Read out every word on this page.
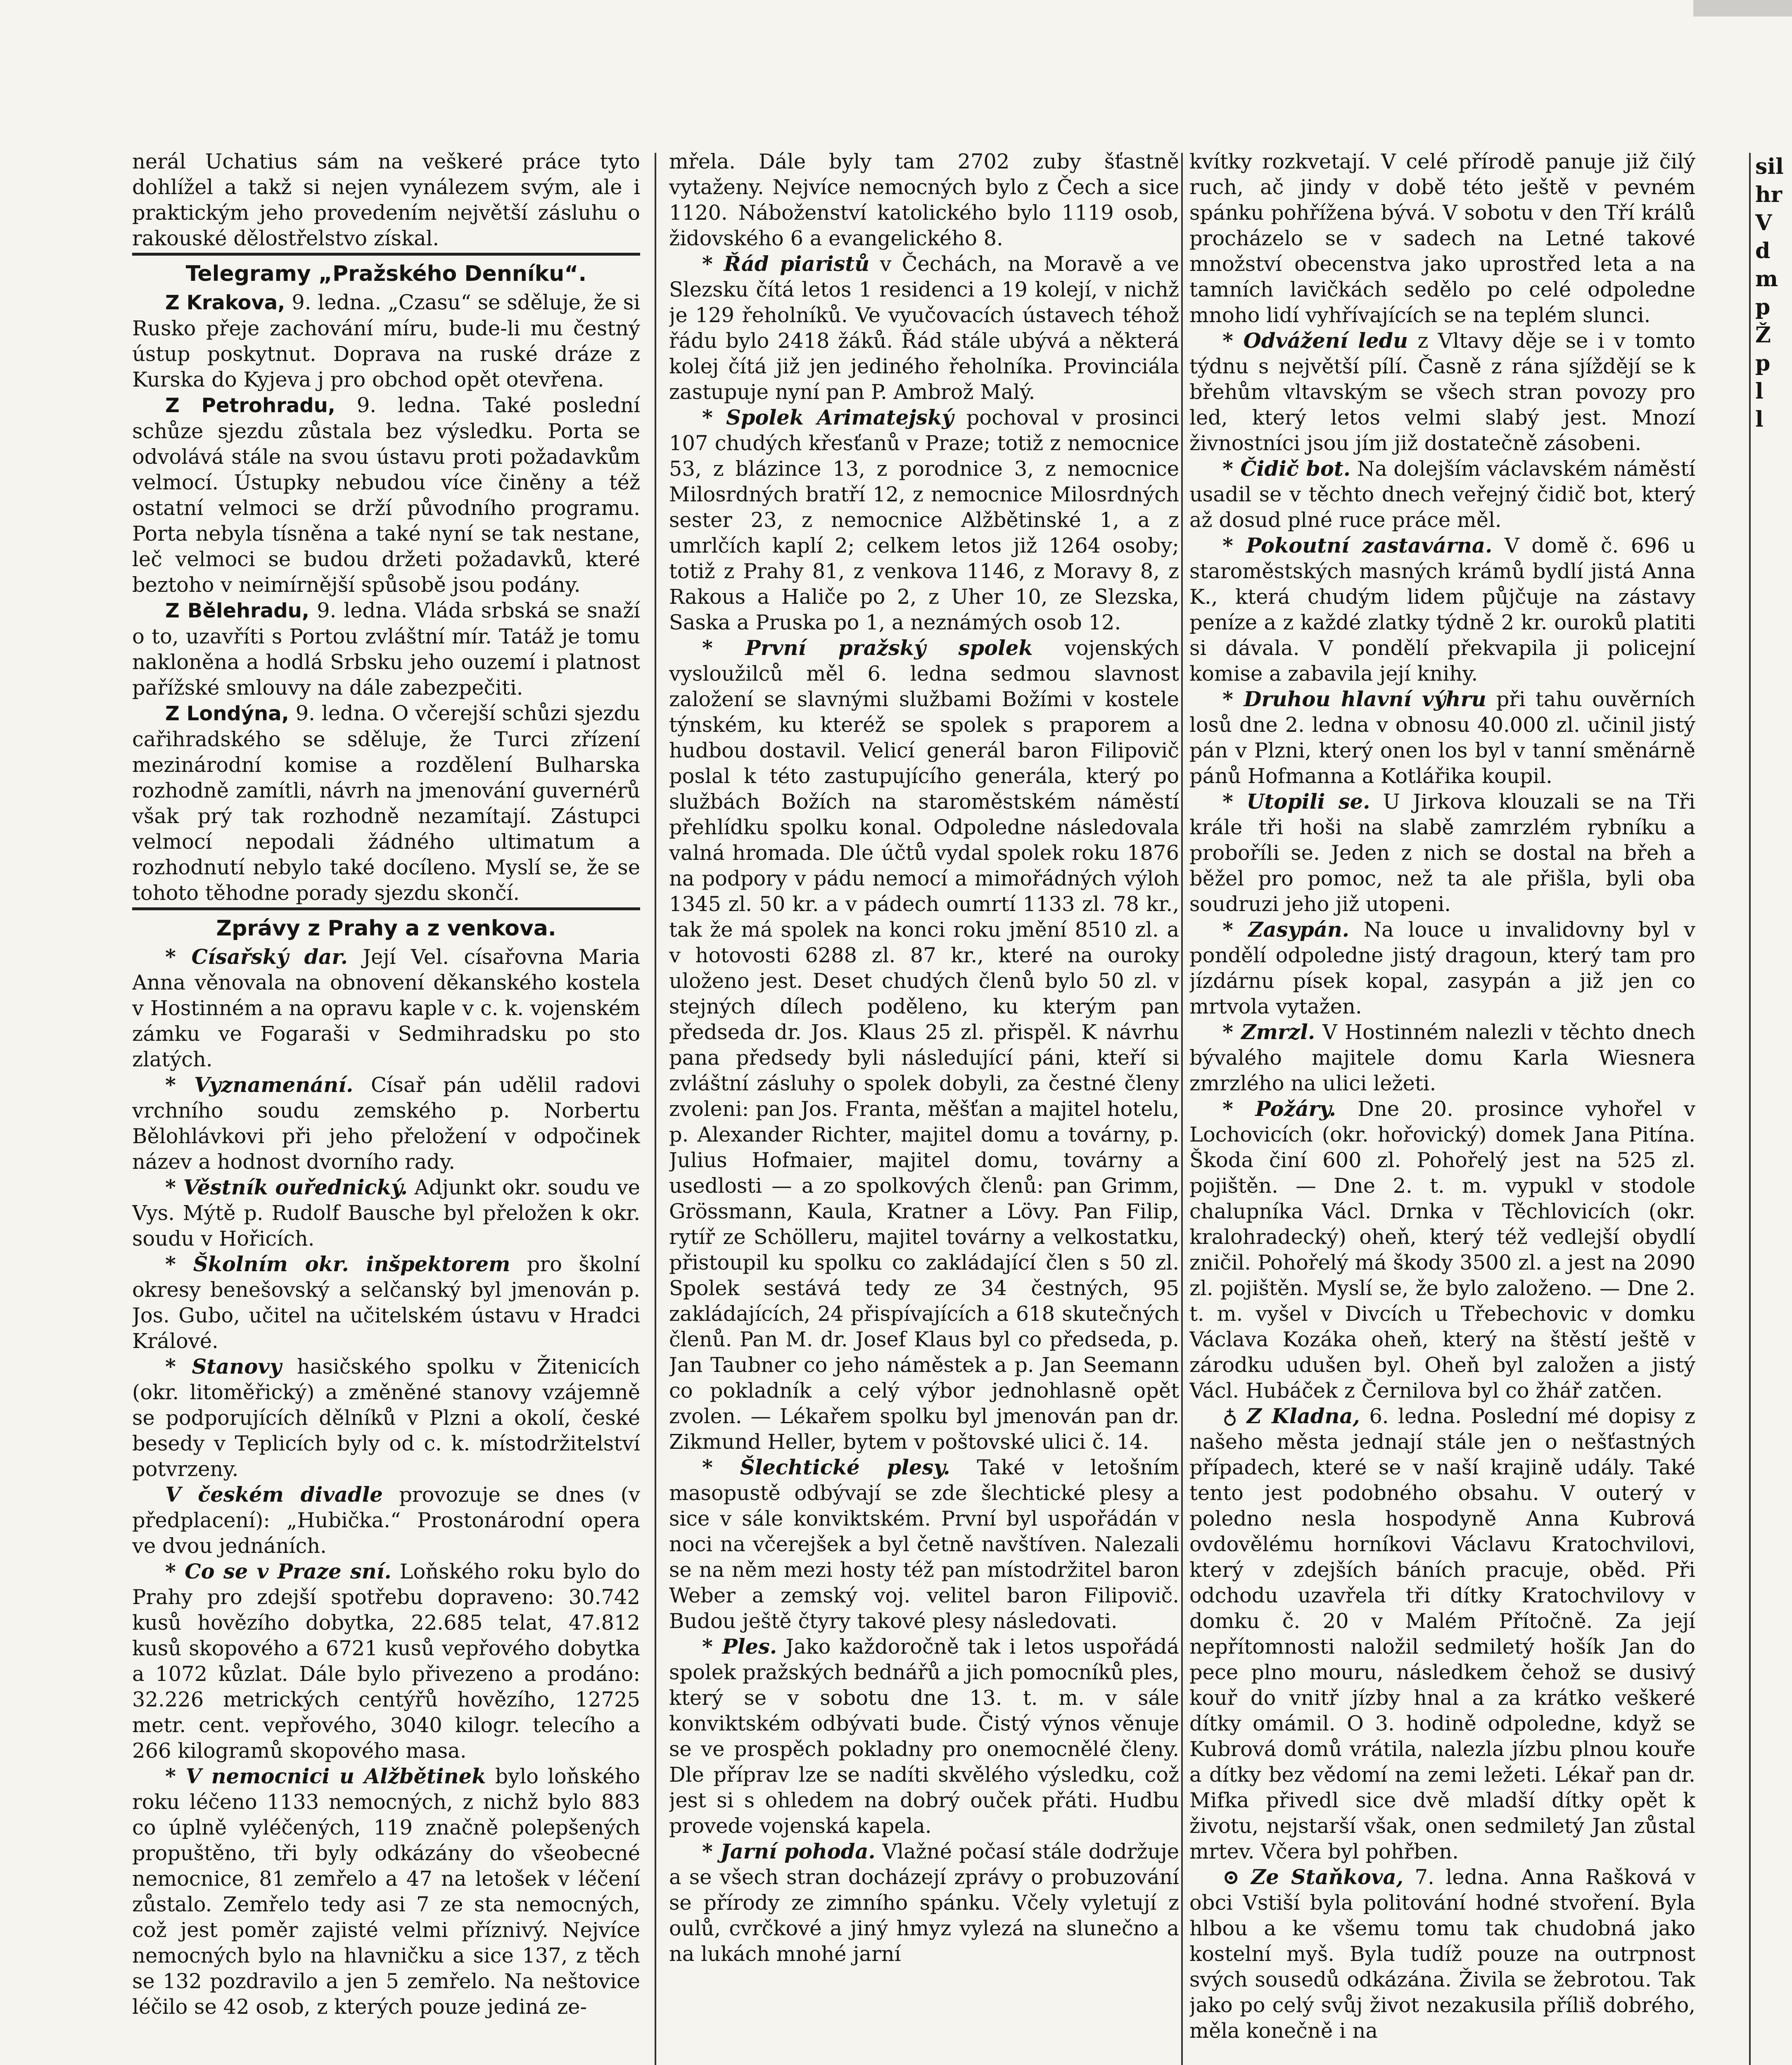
nerál Uchatius sám na veškeré práce tyto dohlížel a takž si nejen vynálezem svým, ale i praktickým jeho provedením největší zásluhu o rakouské dělostřelstvo získal.

Telegramy „Pražského Denníku“.

Z Krakova, 9. ledna. „Czasu“ se sděluje, že si Rusko přeje zachování míru, bude-li mu čestný ústup poskytnut. Doprava na ruské dráze z Kurska do Kyjeva j pro obchod opět otevřena.

Z Petrohradu, 9. ledna. Také poslední schůze sjezdu zůstala bez výsledku. Porta se odvolává stále na svou ústavu proti požadavkům velmocí. Ústupky nebudou více činěny a též ostatní velmoci se drží původního programu. Porta nebyla tísněna a také nyní se tak nestane, leč velmoci se budou držeti požadavků, které beztoho v neimírnější spůsobě jsou podány.

Z Bělehradu, 9. ledna. Vláda srbská se snaží o to, uzavříti s Portou zvláštní mír. Tatáž je tomu nakloněna a hodlá Srbsku jeho ouzemí i platnost pařížské smlouvy na dále zabezpečiti.

Z Londýna, 9. ledna. O včerejší schůzi sjezdu cařihradského se sděluje, že Turci zřízení mezinárodní komise a rozdělení Bulharska rozhodně zamítli, návrh na jmenování guvernérů však prý tak rozhodně nezamítají. Zástupci velmocí nepodali žádného ultimatum a rozhodnutí nebylo také docíleno. Myslí se, že se tohoto těhodne porady sjezdu skončí.

Zprávy z Prahy a z venkova.

* Císařský dar. Její Vel. císařovna Maria Anna věnovala na obnovení děkanského kostela v Hostinném a na opravu kaple v c. k. vojenském zámku ve Fogaraši v Sedmihradsku po sto zlatých.

* Vyznamenání. Císař pán udělil radovi vrchního soudu zemského p. Norbertu Bělohlávkovi při jeho přeložení v odpočinek název a hodnost dvorního rady.

* Věstník ouřednický. Adjunkt okr. soudu ve Vys. Mýtě p. Rudolf Bausche byl přeložen k okr. soudu v Hořicích.

* Školním okr. inšpektorem pro školní okresy benešovský a selčanský byl jmenován p. Jos. Gubo, učitel na učitelském ústavu v Hradci Králové.

* Stanovy hasičského spolku v Žitenicích (okr. litoměřický) a změněné stanovy vzájemně se podporujících dělníků v Plzni a okolí, české besedy v Teplicích byly od c. k. místodržitelství potvrzeny.

V českém divadle provozuje se dnes (v předplacení): „Hubička.“ Prostonárodní opera ve dvou jednáních.

* Co se v Praze sní. Loňského roku bylo do Prahy pro zdejší spotřebu dopraveno: 30.742 kusů hovězího dobytka, 22.685 telat, 47.812 kusů skopového a 6721 kusů vepřového dobytka a 1072 kůzlat. Dále bylo přivezeno a prodáno: 32.226 metrických centýřů hovězího, 12725 metr. cent. vepřového, 3040 kilogr. telecího a 266 kilogramů skopového masa.

* V nemocnici u Alžbětinek bylo loňského roku léčeno 1133 nemocných, z nichž bylo 883 co úplně vyléčených, 119 značně polepšených propuštěno, tři byly odkázány do všeobecné nemocnice, 81 zemřelo a 47 na letošek v léčení zůstalo. Zemřelo tedy asi 7 ze sta nemocných, což jest poměr zajisté velmi příznivý. Nejvíce nemocných bylo na hlavničku a sice 137, z těch se 132 pozdravilo a jen 5 zemřelo. Na neštovice léčilo se 42 osob, z kterých pouze jediná ze-

mřela. Dále byly tam 2702 zuby šťastně vytaženy. Nejvíce nemocných bylo z Čech a sice 1120. Náboženství katolického bylo 1119 osob, židovského 6 a evangelického 8.

* Řád piaristů v Čechách, na Moravě a ve Slezsku čítá letos 1 residenci a 19 kolejí, v nichž je 129 řeholníků. Ve vyučovacích ústavech téhož řádu bylo 2418 žáků. Řád stále ubývá a některá kolej čítá již jen jediného řeholníka. Provinciála zastupuje nyní pan P. Ambrož Malý.

* Spolek Arimatejský pochoval v prosinci 107 chudých křesťanů v Praze; totiž z nemocnice 53, z blázince 13, z porodnice 3, z nemocnice Milosrdných bratří 12, z nemocnice Milosrdných sester 23, z nemocnice Alžbětinské 1, a z umrlčích kaplí 2; celkem letos již 1264 osoby; totiž z Prahy 81, z venkova 1146, z Moravy 8, z Rakous a Haliče po 2, z Uher 10, ze Slezska, Saska a Pruska po 1, a neznámých osob 12.

* První pražský spolek vojenských vysloužilců měl 6. ledna sedmou slavnost založení se slavnými službami Božími v kostele týnském, ku kteréž se spolek s praporem a hudbou dostavil. Velicí generál baron Filipovič poslal k této zastupujícího generála, který po službách Božích na staroměstském náměstí přehlídku spolku konal. Odpoledne následovala valná hromada. Dle účtů vydal spolek roku 1876 na podpory v pádu nemocí a mimořádných výloh 1345 zl. 50 kr. a v pádech oumrtí 1133 zl. 78 kr., tak že má spolek na konci roku jmění 8510 zl. a v hotovosti 6288 zl. 87 kr., které na ouroky uloženo jest. Deset chudých členů bylo 50 zl. v stejných dílech poděleno, ku kterým pan předseda dr. Jos. Klaus 25 zl. přispěl. K návrhu pana předsedy byli následující páni, kteří si zvláštní zásluhy o spolek dobyli, za čestné členy zvoleni: pan Jos. Franta, měšťan a majitel hotelu, p. Alexander Richter, majitel domu a továrny, p. Julius Hofmaier, majitel domu, továrny a usedlosti — a zo spolkových členů: pan Grimm, Grössmann, Kaula, Kratner a Lövy. Pan Filip, rytíř ze Schölleru, majitel továrny a velkostatku, přistoupil ku spolku co zakládající člen s 50 zl. Spolek sestává tedy ze 34 čestných, 95 zakládajících, 24 přispívajících a 618 skutečných členů. Pan M. dr. Josef Klaus byl co předseda, p. Jan Taubner co jeho náměstek a p. Jan Seemann co pokladník a celý výbor jednohlasně opět zvolen. — Lékařem spolku byl jmenován pan dr. Zikmund Heller, bytem v poštovské ulici č. 14.

* Šlechtické plesy. Také v letošním masopustě odbývají se zde šlechtické plesy a sice v sále konviktském. První byl uspořádán v noci na včerejšek a byl četně navštíven. Nalezali se na něm mezi hosty též pan místodržitel baron Weber a zemský voj. velitel baron Filipovič. Budou ještě čtyry takové plesy následovati.

* Ples. Jako každoročně tak i letos uspořádá spolek pražských bednářů a jich pomocníků ples, který se v sobotu dne 13. t. m. v sále konviktském odbývati bude. Čistý výnos věnuje se ve prospěch pokladny pro onemocnělé členy. Dle příprav lze se nadíti skvělého výsledku, což jest si s ohledem na dobrý ouček přáti. Hudbu provede vojenská kapela.

* Jarní pohoda. Vlažné počasí stále dodržuje a se všech stran docházejí zprávy o probuzování se přírody ze zimního spánku. Včely vyletují z oulů, cvrčkové a jiný hmyz vylezá na slunečno a na lukách mnohé jarní

kvítky rozkvetají. V celé přírodě panuje již čilý ruch, ač jindy v době této ještě v pevném spánku pohřížena bývá. V sobotu v den Tří králů procházelo se v sadech na Letné takové množství obecenstva jako uprostřed leta a na tamních lavičkách sedělo po celé odpoledne mnoho lidí vyhřívajících se na teplém slunci.

* Odvážení ledu z Vltavy děje se i v tomto týdnu s největší pílí. Časně z rána sjíždějí se k břehům vltavským se všech stran povozy pro led, který letos velmi slabý jest. Mnozí živnostníci jsou jím již dostatečně zásobeni.

* Čidič bot. Na dolejším václavském náměstí usadil se v těchto dnech veřejný čidič bot, který až dosud plné ruce práce měl.

* Pokoutní zastavárna. V domě č. 696 u staroměstských masných krámů bydlí jistá Anna K., která chudým lidem půjčuje na zástavy peníze a z každé zlatky týdně 2 kr. ouroků platiti si dávala. V pondělí překvapila ji policejní komise a zabavila její knihy.

* Druhou hlavní výhru při tahu ouvěrních losů dne 2. ledna v obnosu 40.000 zl. učinil jistý pán v Plzni, který onen los byl v tanní směnárně pánů Hofmanna a Kotlářika koupil.

* Utopili se. U Jirkova klouzali se na Tři krále tři hoši na slabě zamrzlém rybníku a proboříli se. Jeden z nich se dostal na břeh a běžel pro pomoc, než ta ale přišla, byli oba soudruzi jeho již utopeni.

* Zasypán. Na louce u invalidovny byl v pondělí odpoledne jistý dragoun, který tam pro jízdárnu písek kopal, zasypán a již jen co mrtvola vytažen.

* Zmrzl. V Hostinném nalezli v těchto dnech bývalého majitele domu Karla Wiesnera zmrzlého na ulici ležeti.

* Požáry. Dne 20. prosince vyhořel v Lochovicích (okr. hořovický) domek Jana Pitína. Škoda činí 600 zl. Pohořelý jest na 525 zl. pojištěn. — Dne 2. t. m. vypukl v stodole chalupníka Václ. Drnka v Těchlovicích (okr. kralohradecký) oheň, který též vedlejší obydlí zničil. Pohořelý má škody 3500 zl. a jest na 2090 zl. pojištěn. Myslí se, že bylo založeno. — Dne 2. t. m. vyšel v Divcích u Třebechovic v domku Václava Kozáka oheň, který na štěstí ještě v zárodku udušen byl. Oheň byl založen a jistý Václ. Hubáček z Černilova byl co žhář zatčen.

♁ Z Kladna, 6. ledna. Poslední mé dopisy z našeho města jednají stále jen o nešťastných případech, které se v naší krajině udály. Také tento jest podobného obsahu. V outerý v poledno nesla hospodyně Anna Kubrová ovdovělému horníkovi Václavu Kratochvilovi, který v zdejších báních pracuje, oběd. Při odchodu uzavřela tři dítky Kratochvilovy v domku č. 20 v Malém Přítočně. Za její nepřítomnosti naložil sedmiletý hošík Jan do pece plno mouru, následkem čehož se dusivý kouř do vnitř jízby hnal a za krátko veškeré dítky omámil. O 3. hodině odpoledne, když se Kubrová domů vrátila, nalezla jízbu plnou kouře a dítky bez vědomí na zemi ležeti. Lékař pan dr. Mifka přivedl sice dvě mladší dítky opět k životu, nejstarší však, onen sedmiletý Jan zůstal mrtev. Včera byl pohřben.

⊙ Ze Staňkova, 7. ledna. Anna Rašková v obci Vstiší byla politování hodné stvoření. Byla hlbou a ke všemu tomu tak chudobná jako kostelní myš. Byla tudíž pouze na outrpnost svých sousedů odkázána. Živila se žebrotou. Tak jako po celý svůj život nezakusila příliš dobrého, měla konečně i na

sil
hr
V
d
m
p
Ž
p
l
l
